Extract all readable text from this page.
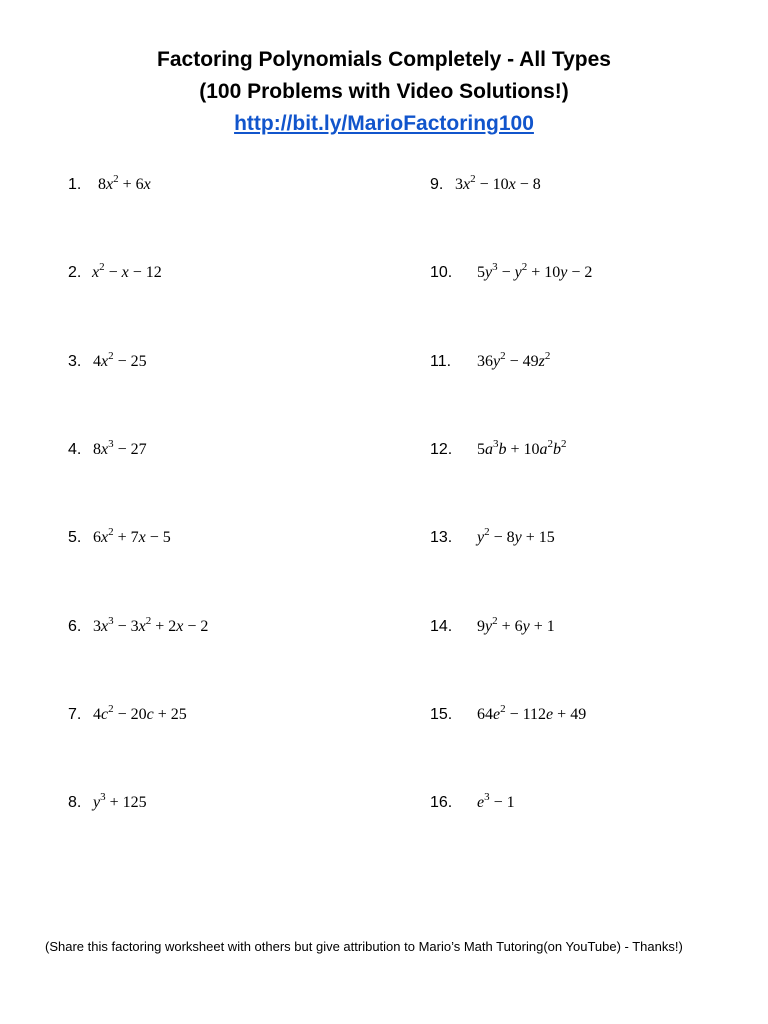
Factoring Polynomials Completely - All Types
(100 Problems with Video Solutions!)
http://bit.ly/MarioFactoring100
1.	$8x^2 + 6x$
2. $x^2 - x - 12$
3. $4x^2 - 25$
4. $8x^3 - 27$
5. $6x^2 + 7x - 5$
6. $3x^3 - 3x^2 + 2x - 2$
7. $4c^2 - 20c + 25$
8. $y^3 + 125$
9. $3x^2 - 10x - 8$
10.	$5y^3 - y^2 + 10y - 2$
11.	$36y^2 - 49z^2$
12.	$5a^3b + 10a^2b^2$
13.	$y^2 - 8y + 15$
14.	$9y^2 + 6y + 1$
15.	$64e^2 - 112e + 49$
16.	$e^3 - 1$
(Share this factoring worksheet with others but give attribution to Mario’s Math Tutoring(on YouTube) - Thanks!)
